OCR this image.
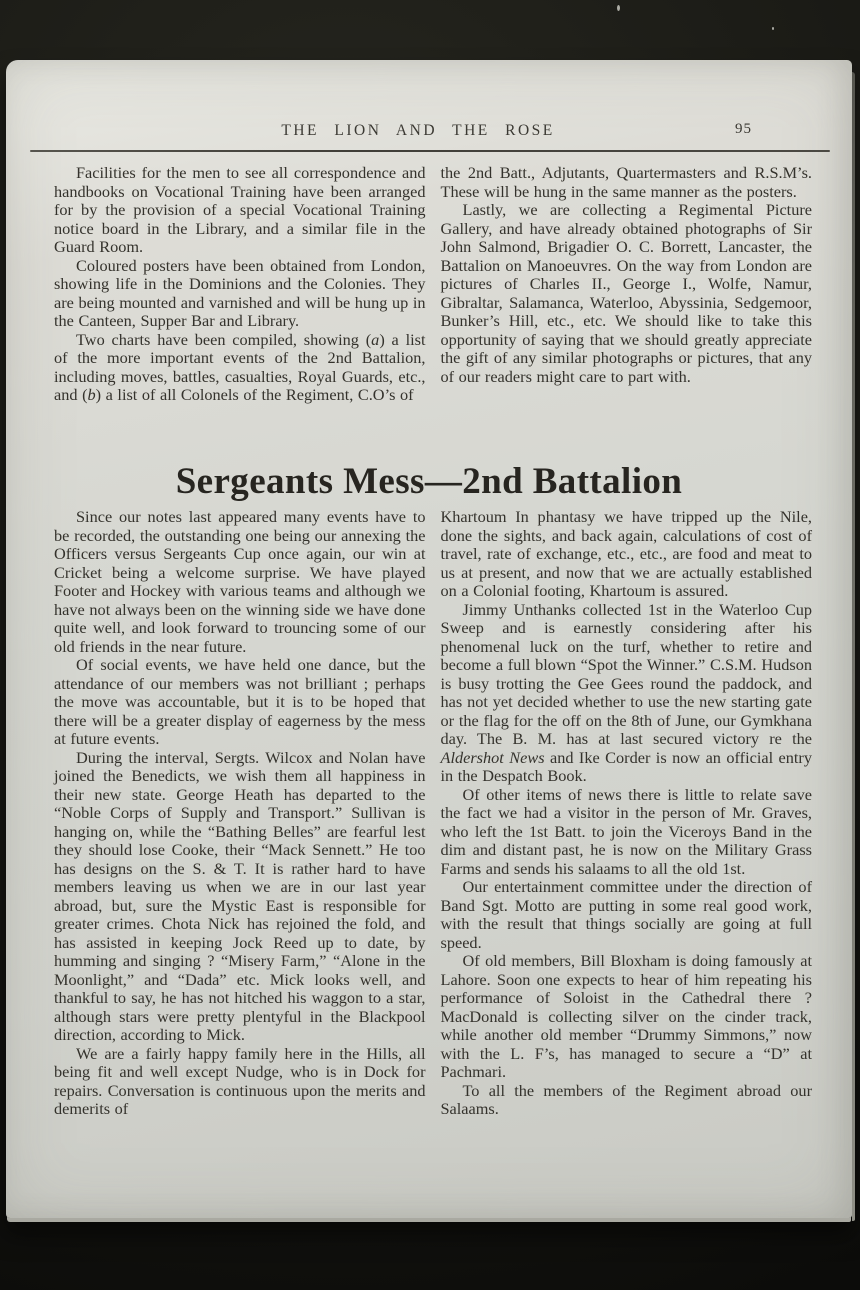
THE LION AND THE ROSE	95

Facilities for the men to see all correspondence and handbooks on Vocational Training have been arranged for by the provision of a special Vocational Training notice board in the Library, and a similar file in the Guard Room.

Coloured posters have been obtained from London, showing life in the Dominions and the Colonies. They are being mounted and varnished and will be hung up in the Canteen, Supper Bar and Library.

Two charts have been compiled, showing (a) a list of the more important events of the 2nd Battalion, including moves, battles, casualties, Royal Guards, etc., and (b) a list of all Colonels of the Regiment, C.O’s of

the 2nd Batt., Adjutants, Quartermasters and R.S.M’s. These will be hung in the same manner as the posters.

Lastly, we are collecting a Regimental Picture Gallery, and have already obtained photographs of Sir John Salmond, Brigadier O. C. Borrett, Lancaster, the Battalion on Manoeuvres. On the way from London are pictures of Charles II., George I., Wolfe, Namur, Gibraltar, Salamanca, Waterloo, Abyssinia, Sedgemoor, Bunker’s Hill, etc., etc. We should like to take this opportunity of saying that we should greatly appreciate the gift of any similar photographs or pictures, that any of our readers might care to part with.

Sergeants Mess—2nd Battalion

Since our notes last appeared many events have to be recorded, the outstanding one being our annexing the Officers versus Sergeants Cup once again, our win at Cricket being a welcome surprise. We have played Footer and Hockey with various teams and although we have not always been on the winning side we have done quite well, and look forward to trouncing some of our old friends in the near future.

Of social events, we have held one dance, but the attendance of our members was not brilliant ; perhaps the move was accountable, but it is to be hoped that there will be a greater display of eagerness by the mess at future events.

During the interval, Sergts. Wilcox and Nolan have joined the Benedicts, we wish them all happiness in their new state. George Heath has departed to the “Noble Corps of Supply and Transport.” Sullivan is hanging on, while the “Bathing Belles” are fearful lest they should lose Cooke, their “Mack Sennett.” He too has designs on the S. & T. It is rather hard to have members leaving us when we are in our last year abroad, but, sure the Mystic East is responsible for greater crimes. Chota Nick has rejoined the fold, and has assisted in keeping Jock Reed up to date, by humming and singing ? “Misery Farm,” “Alone in the Moonlight,” and “Dada” etc. Mick looks well, and thankful to say, he has not hitched his waggon to a star, although stars were pretty plentyful in the Blackpool direction, according to Mick.

We are a fairly happy family here in the Hills, all being fit and well except Nudge, who is in Dock for repairs. Conversation is continuous upon the merits and demerits of

Khartoum In phantasy we have tripped up the Nile, done the sights, and back again, calculations of cost of travel, rate of exchange, etc., etc., are food and meat to us at present, and now that we are actually established on a Colonial footing, Khartoum is assured.

Jimmy Unthanks collected 1st in the Waterloo Cup Sweep and is earnestly considering after his phenomenal luck on the turf, whether to retire and become a full blown “Spot the Winner.” C.S.M. Hudson is busy trotting the Gee Gees round the paddock, and has not yet decided whether to use the new starting gate or the flag for the off on the 8th of June, our Gymkhana day. The B. M. has at last secured victory re the Aldershot News and Ike Corder is now an official entry in the Despatch Book.

Of other items of news there is little to relate save the fact we had a visitor in the person of Mr. Graves, who left the 1st Batt. to join the Viceroys Band in the dim and distant past, he is now on the Military Grass Farms and sends his salaams to all the old 1st.

Our entertainment committee under the direction of Band Sgt. Motto are putting in some real good work, with the result that things socially are going at full speed.

Of old members, Bill Bloxham is doing famously at Lahore. Soon one expects to hear of him repeating his performance of Soloist in the Cathedral there ? MacDonald is collecting silver on the cinder track, while another old member “Drummy Simmons,” now with the L. F’s, has managed to secure a “D” at Pachmari.

To all the members of the Regiment abroad our Salaams.
